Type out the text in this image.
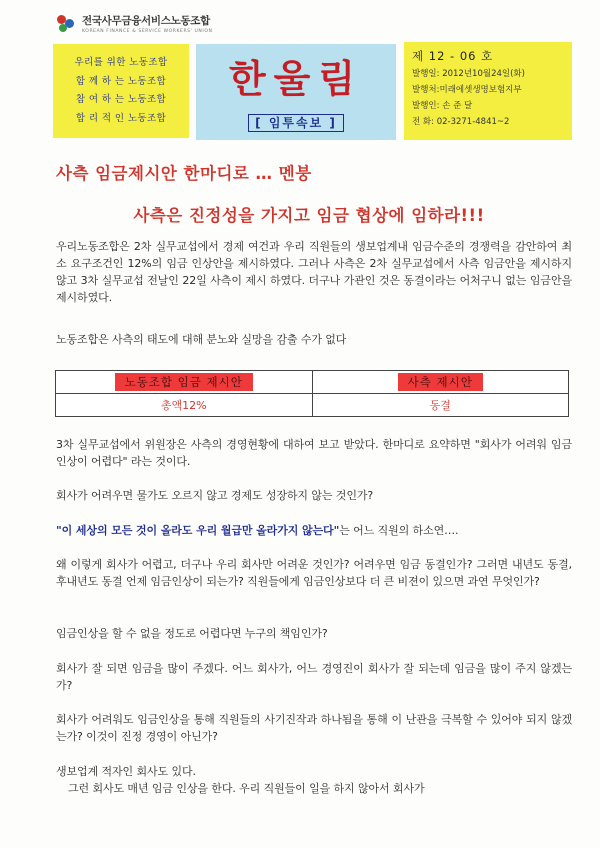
전국사무금융서비스노동조합
KOREAN FINANCE & SERVICE WORKERS' UNION
우리를 위한 노동조합
함 께 하 는 노동조합
참 여 하 는 노동조합
합 리 적 인 노동조합
한울림
[ 임투속보 ]
제 12 - 06 호
발행일: 2012년10월24일(화)
발행처:미래에셋생명보험지부
발행인: 손 준 달
전 화: 02-3271-4841~2
사측 임금제시안 한마디로 … 멘붕
사측은 진정성을 가지고 임금 협상에 임하라!!!
우리노동조합은 2차 실무교섭에서 경제 여건과 우리 직원들의 생보업계내 임금수준의 경쟁력을 감안하여 최소 요구조건인 12%의 임금 인상안을 제시하였다. 그러나 사측은 2차 실무교섭에서 사측 임금안을 제시하지 않고 3차 실무교섭 전날인 22일 사측이 제시 하였다. 더구나 가관인 것은 동결이라는 어처구니 없는 임금안을 제시하였다.
노동조합은 사측의 태도에 대해 분노와 실망을 감출 수가 없다
노동조합 임금 제시안	사측 제시안
총액12%	동결
3차 실무교섭에서 위원장은 사측의 경영현황에 대하여 보고 받았다. 한마디로 요약하면 "회사가 어려워 임금인상이 어렵다" 라는 것이다.
회사가 어려우면 물가도 오르지 않고 경제도 성장하지 않는 것인가?
"이 세상의 모든 것이 올라도 우리 월급만 올라가지 않는다"는 어느 직원의 하소연….
왜 이렇게 회사가 어렵고, 더구나 우리 회사만 어려운 것인가? 어려우면 임금 동결인가? 그러면 내년도 동결, 후내년도 동결 언제 임금인상이 되는가? 직원들에게 임금인상보다 더 큰 비젼이 있으면 과연 무엇인가?
임금인상을 할 수 없을 정도로 어렵다면 누구의 책임인가?
회사가 잘 되면 임금을 많이 주겠다. 어느 회사가, 어느 경영진이 회사가 잘 되는데 임금을 많이 주지 않겠는가?
회사가 어려워도 임금인상을 통해 직원들의 사기진작과 하나됨을 통해 이 난관을 극복할 수 있어야 되지 않겠는가? 이것이 진정 경영이 아닌가?
생보업계 적자인 회사도 있다.
그런 회사도 매년 임금 인상을 한다. 우리 직원들이 일을 하지 않아서 회사가
